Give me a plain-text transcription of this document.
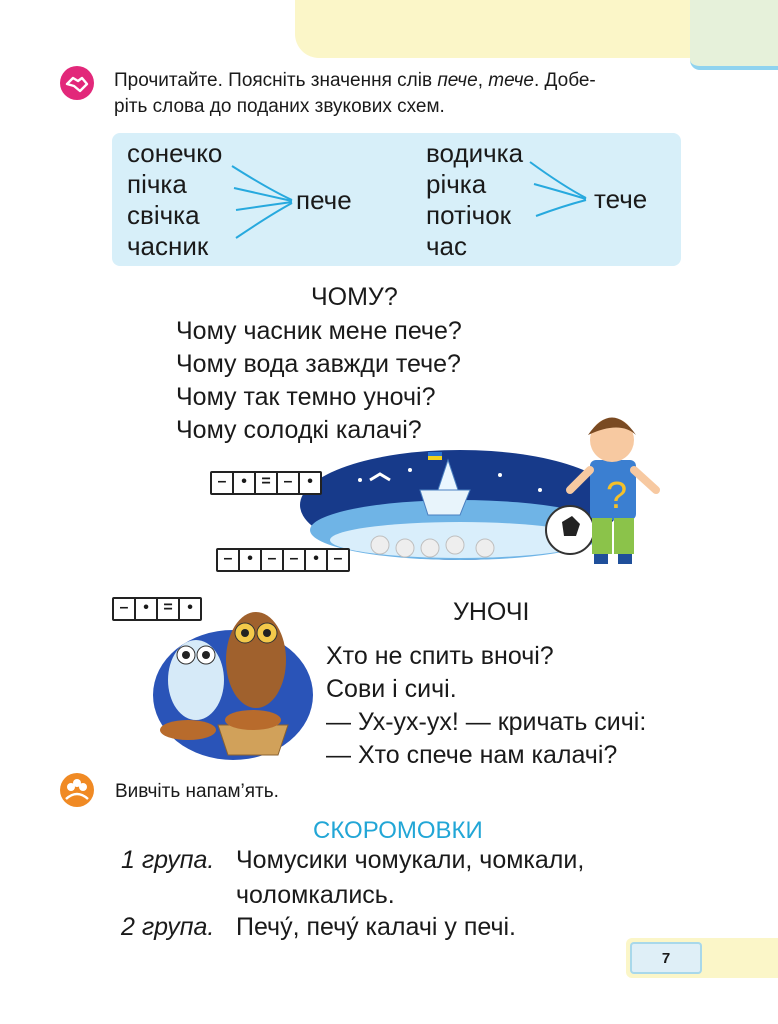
Прочитайте. Поясніть значення слів пече, тече. Добе-
ріть слова до поданих звукових схем.
сонечко
пічка
свічка
часник
пече
водичка
річка
потічок
час
тече
ЧОМУ?
Чому часник мене пече?
Чому вода завжди тече?
Чому так темно уночі?
Чому солодкі калачі?
?
– • = – •
– • – – • –
– • = •	УНОЧІ
Хто не спить вночі?
Сови і сичі.
— Ух-ух-ух! — кричать сичі:
— Хто спече нам калачі?
Вивчіть напам’ять.
СКОРОМОВКИ
1 група. Чомусики чомукали, чомкали,
чоломкались.
2 група. Печу́, печу́ калачі у печі.
7
